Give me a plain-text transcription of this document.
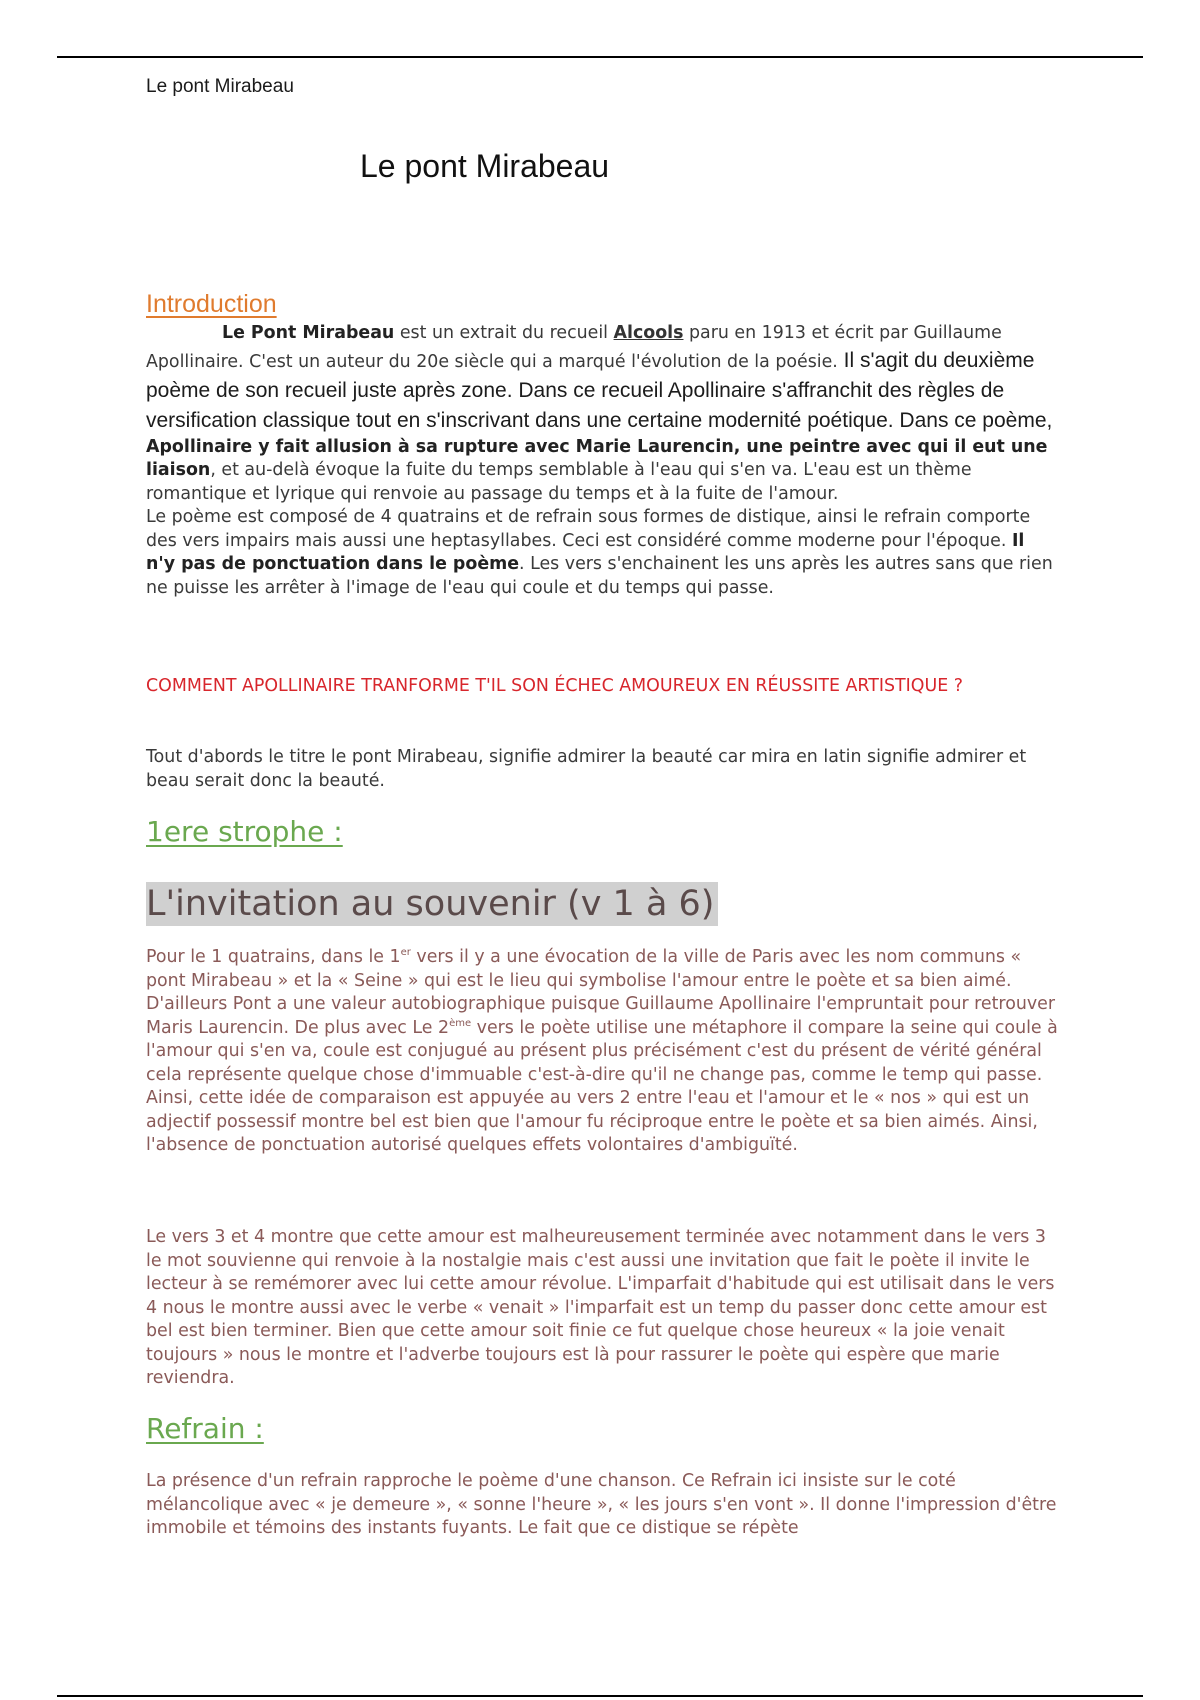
Le pont Mirabeau
Le pont Mirabeau
Introduction

Le Pont Mirabeau est un extrait du recueil Alcools paru en 1913 et écrit par Guillaume Apollinaire. C'est un auteur du 20e siècle qui a marqué l'évolution de la poésie. Il s'agit du deuxième poème de son recueil juste après zone. Dans ce recueil Apollinaire s'affranchit des règles de versification classique tout en s'inscrivant dans une certaine modernité poétique. Dans ce poème, Apollinaire y fait allusion à sa rupture avec Marie Laurencin, une peintre avec qui il eut une liaison, et au-delà évoque la fuite du temps semblable à l'eau qui s'en va. L'eau est un thème romantique et lyrique qui renvoie au passage du temps et à la fuite de l'amour.
Le poème est composé de 4 quatrains et de refrain sous formes de distique, ainsi le refrain comporte des vers impairs mais aussi une heptasyllabes. Ceci est considéré comme moderne pour l'époque. Il n'y pas de ponctuation dans le poème. Les vers s'enchainent les uns après les autres sans que rien ne puisse les arrêter à l'image de l'eau qui coule et du temps qui passe.

COMMENT APOLLINAIRE TRANFORME T'IL SON ÉCHEC AMOUREUX EN RÉUSSITE ARTISTIQUE ?

Tout d'abords le titre le pont Mirabeau, signifie admirer la beauté car mira en latin signifie admirer et beau serait donc la beauté.

1ere strophe :
L'invitation au souvenir (v 1 à 6)

Pour le 1 quatrains, dans le 1er vers il y a une évocation de la ville de Paris avec les nom communs « pont Mirabeau » et la « Seine » qui est le lieu qui symbolise l'amour entre le poète et sa bien aimé. D'ailleurs Pont a une valeur autobiographique puisque Guillaume Apollinaire l'empruntait pour retrouver Maris Laurencin. De plus avec Le 2ème vers le poète utilise une métaphore il compare la seine qui coule à l'amour qui s'en va, coule est conjugué au présent plus précisément c'est du présent de vérité général cela représente quelque chose d'immuable c'est-à-dire qu'il ne change pas, comme le temp qui passe.
Ainsi, cette idée de comparaison est appuyée au vers 2 entre l'eau et l'amour et le « nos » qui est un adjectif possessif montre bel est bien que l'amour fu réciproque entre le poète et sa bien aimés. Ainsi, l'absence de ponctuation autorisé quelques effets volontaires d'ambiguïté.

Le vers 3 et 4 montre que cette amour est malheureusement terminée avec notamment dans le vers 3 le mot souvienne qui renvoie à la nostalgie mais c'est aussi une invitation que fait le poète il invite le lecteur à se remémorer avec lui cette amour révolue. L'imparfait d'habitude qui est utilisait dans le vers 4 nous le montre aussi avec le verbe « venait » l'imparfait est un temp du passer donc cette amour est bel est bien terminer. Bien que cette amour soit finie ce fut quelque chose heureux « la joie venait toujours » nous le montre et l'adverbe toujours est là pour rassurer le poète qui espère que marie reviendra.

Refrain :

La présence d'un refrain rapproche le poème d'une chanson. Ce Refrain ici insiste sur le coté mélancolique avec « je demeure », « sonne l'heure », « les jours s'en vont ». Il donne l'impression d'être immobile et témoins des instants fuyants. Le fait que ce distique se répète
